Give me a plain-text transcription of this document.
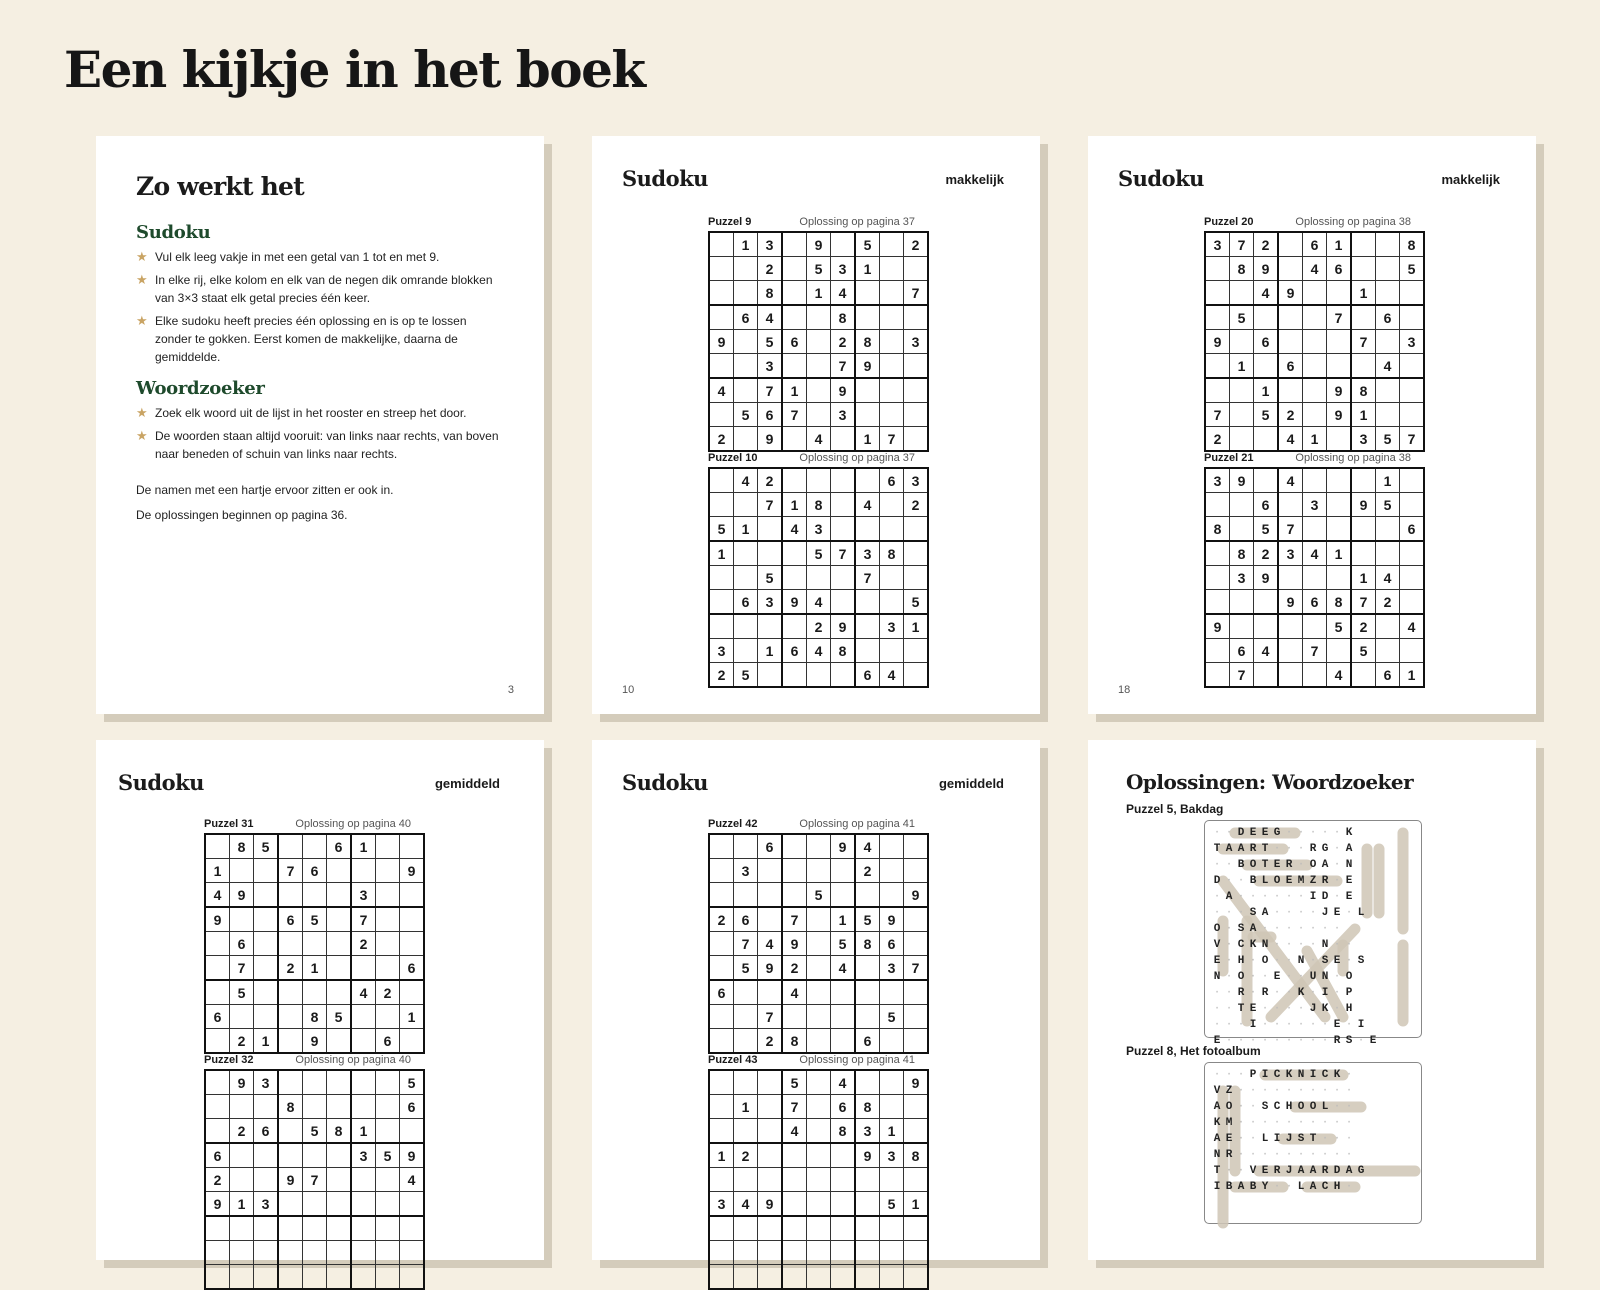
Een kijkje in het boek
Zo werkt het
Sudoku
★ Vul elk leeg vakje in met een getal van 1 tot en met 9.
★ In elke rij, elke kolom en elk van de negen dik omrande blokken van 3×3 staat elk getal precies één keer.
★ Elke sudoku heeft precies één oplossing en is op te lossen zonder te gokken. Eerst komen de makkelijke, daarna de gemiddelde.
Woordzoeker
★ Zoek elk woord uit de lijst in het rooster en streep het door.
★ De woorden staan altijd vooruit: van links naar rechts, van boven naar beneden of schuin van links naar rechts.

De namen met een hartje ervoor zitten er ook in.

De oplossingen beginnen op pagina 36.

3
Sudoku	makkelijk
Puzzel 9	Oplossing op pagina 37
	1	3		9		5		2
		2		5	3	1		
		8		1	4			7
	6	4			8			
9		5	6		2	8		3
		3			7	9		
4		7	1		9			
	5	6	7		3			
2		9		4		1	7	
Puzzel 10	Oplossing op pagina 37
	4	2					6	3
		7	1	8		4		2
5	1		4	3				
1				5	7	3	8	
		5				7		
	6	3	9	4				5
				2	9		3	1
3		1	6	4	8			
2	5					6	4	
10
Sudoku	makkelijk
Puzzel 20	Oplossing op pagina 38
3	7	2		6	1			8
	8	9		4	6			5
		4	9			1		
	5				7		6	
9		6				7		3
	1		6				4	
		1			9	8		
7		5	2		9	1		
2			4	1		3	5	7
Puzzel 21	Oplossing op pagina 38
3	9		4				1	
		6		3		9	5	
8		5	7					6
	8	2	3	4	1			
	3	9				1	4	
			9	6	8	7	2	
9					5	2		4
	6	4		7		5		
	7				4		6	1
18
Sudoku	gemiddeld
Puzzel 31	Oplossing op pagina 40
	8	5			6	1		
1			7	6				9
4	9					3		
9			6	5		7		
	6					2		
	7		2	1				6
	5					4	2	
6				8	5			1
	2	1		9			6	
Puzzel 32	Oplossing op pagina 40
	9	3						5
			8					6
	2	6		5	8	1		
6						3	5	9
2			9	7				4
9	1	3						

Sudoku	gemiddeld
Puzzel 42	Oplossing op pagina 41
		6			9	4		
	3					2		
				5				9
2	6		7		1	5	9	
	7	4	9		5	8	6	
	5	9	2		4		3	7
6			4					
		7					5	
		2	8			6		
Puzzel 43	Oplossing op pagina 41
			5		4			9
	1		7		6	8		
			4		8	3	1	
1	2					9	3	8

3	4	9					5	1

Oplossingen: Woordzoeker
Puzzel 5, Bakdag
· · D E E G · · · · · K
T A A R T · · · R G · A
· · B O T E R · O A · N
D · · B L O E M Z R · E
· A · · · · · · I D · E
· · · S A · · · · J E · L
O · S A · · · · · · ·
V · C K N · · · · N · ·
E · H · O · · N · S E · S
N · O · · E · · U N · O
· · R · R · · K · I · P
· · T E · · · · J K · H
· · · I · · · · · · E · I
E · · · · · · · · · R S · E
Puzzel 8, Het fotoalbum
· · · P I C K N I C K ·
V Z · · · · · · · · · ·
A O · · S C H O O L · ·
K M · · · · · · · · · ·
A E · · L I J S T · · ·
N R · · · · · · · · · ·
T · · V E R J A A R D A G
I B A B Y · · L A C H ·
